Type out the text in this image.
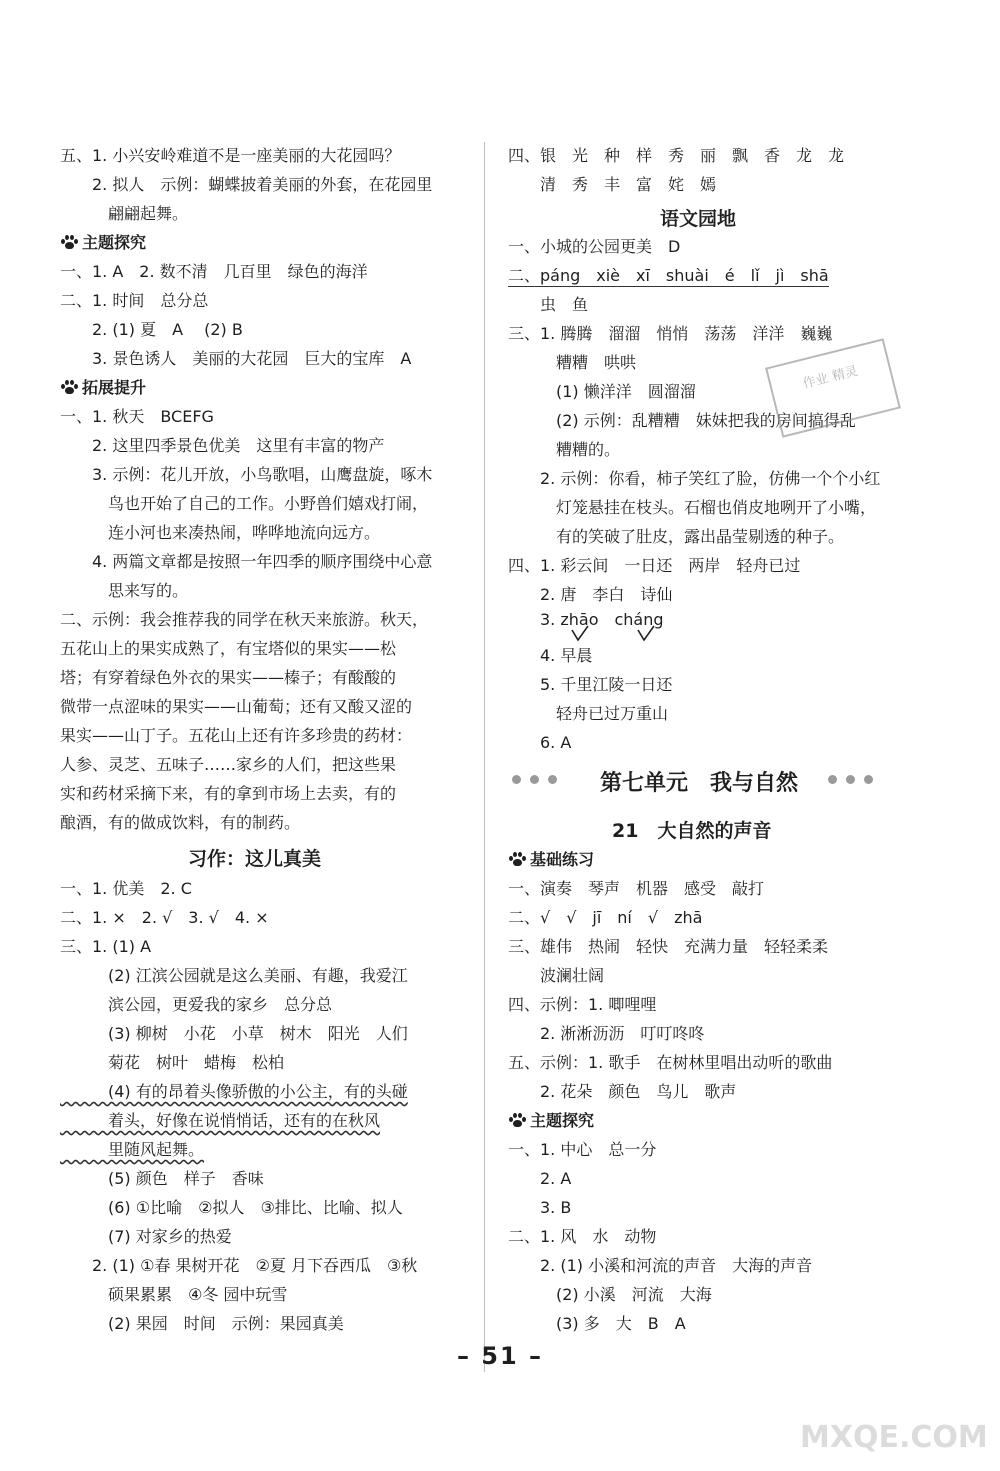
五、1. 小兴安岭难道不是一座美丽的大花园吗？
　　2. 拟人　示例：蝴蝶披着美丽的外套，在花园里
　　　翩翩起舞。
主题探究
一、1. A　2. 数不清　几百里　绿色的海洋
二、1. 时间　总分总
　　2. (1) 夏　A　 (2) B
　　3. 景色诱人　美丽的大花园　巨大的宝库　A
拓展提升
一、1. 秋天　BCEFG
　　2. 这里四季景色优美　这里有丰富的物产
　　3. 示例：花儿开放，小鸟歌唱，山鹰盘旋，啄木
　　　鸟也开始了自己的工作。小野兽们嬉戏打闹，
　　　连小河也来凑热闹，哗哗地流向远方。
　　4. 两篇文章都是按照一年四季的顺序围绕中心意
　　　思来写的。
二、示例：我会推荐我的同学在秋天来旅游。秋天，
五花山上的果实成熟了，有宝塔似的果实——松
塔；有穿着绿色外衣的果实——榛子；有酸酸的
微带一点涩味的果实——山葡萄；还有又酸又涩的
果实——山丁子。五花山上还有许多珍贵的药材：
人参、灵芝、五味子……家乡的人们，把这些果
实和药材采摘下来，有的拿到市场上去卖，有的
酿酒，有的做成饮料，有的制药。
习作：这儿真美
一、1. 优美　2. C
二、1. ×　2. √　3. √　4. ×
三、1. (1) A
　　　(2) 江滨公园就是这么美丽、有趣，我爱江
　　　滨公园，更爱我的家乡　总分总
　　　(3) 柳树　小花　小草　树木　阳光　人们
　　　菊花　树叶　蜡梅　松柏
　　　(4) 有的昂着头像骄傲的小公主，有的头碰
　　　着头，好像在说悄悄话，还有的在秋风
　　　里随风起舞。
　　　(5) 颜色　样子　香味
　　　(6) ①比喻　②拟人　③排比、比喻、拟人
　　　(7) 对家乡的热爱
　　2. (1) ①春 果树开花　②夏 月下吞西瓜　③秋
　　　硕果累累　④冬 园中玩雪
　　　(2) 果园　时间　示例：果园真美
四、银　光　种　样　秀　丽　飘　香　龙　龙
　　清　秀　丰　富　姹　嫣
语文园地
一、小城的公园更美　D
二、páng　xiè　xī　shuài　é　lǐ　jì　shā
　　虫　鱼
三、1. 腾腾　溜溜　悄悄　荡荡　洋洋　巍巍
　　　糟糟　哄哄
　　　(1) 懒洋洋　圆溜溜
　　　(2) 示例：乱糟糟　妹妹把我的房间搞得乱
　　　糟糟的。
　　2. 示例：你看，柿子笑红了脸，仿佛一个个小红
　　　灯笼悬挂在枝头。石榴也俏皮地咧开了小嘴，
　　　有的笑破了肚皮，露出晶莹剔透的种子。
四、1. 彩云间　一日还　两岸　轻舟已过
　　2. 唐　李白　诗仙
　　3. zhāo　cháng
　　4. 早晨
　　5. 千里江陵一日还
　　　轻舟已过万重山
　　6. A
第七单元　我与自然
21　大自然的声音
基础练习
一、演奏　琴声　机器　感受　敲打
二、√　√　jī　ní　√　zhā
三、雄伟　热闹　轻快　充满力量　轻轻柔柔
　　波澜壮阔
四、示例：1. 唧哩哩
　　2. 淅淅沥沥　叮叮咚咚
五、示例：1. 歌手　在树林里唱出动听的歌曲
　　2. 花朵　颜色　鸟儿　歌声
主题探究
一、1. 中心　总一分
　　2. A
　　3. B
二、1. 风　水　动物
　　2. (1) 小溪和河流的声音　大海的声音
　　　(2) 小溪　河流　大海
　　　(3) 多　大　B　A
作业 精灵

– 51 –
MXQE.COM
